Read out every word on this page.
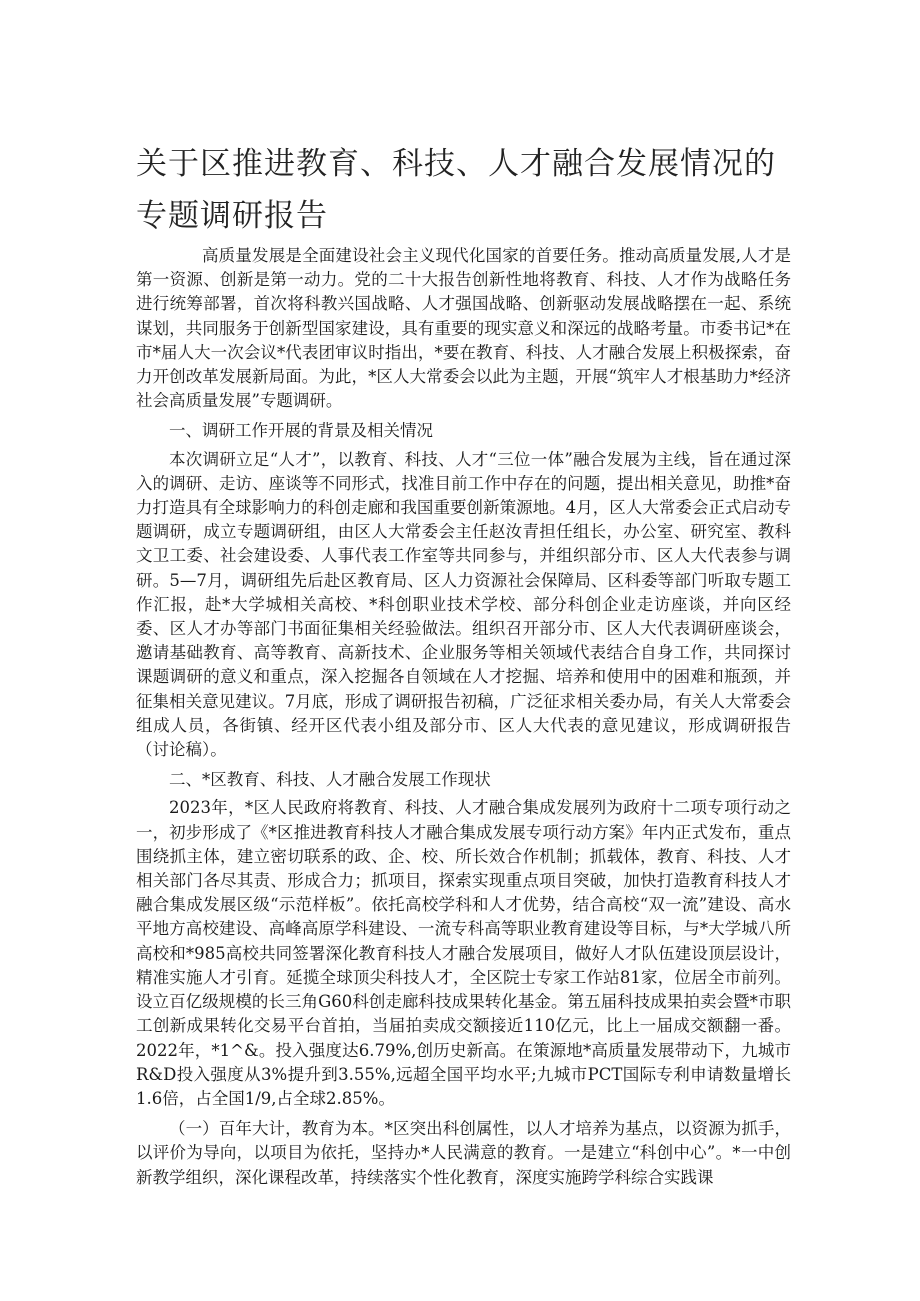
关于区推进教育、科技、人才融合发展情况的专题调研报告

高质量发展是全面建设社会主义现代化国家的首要任务。推动高质量发展,人才是第一资源、创新是第一动力。党的二十大报告创新性地将教育、科技、人才作为战略任务进行统筹部署，首次将科教兴国战略、人才强国战略、创新驱动发展战略摆在一起、系统谋划，共同服务于创新型国家建设，具有重要的现实意义和深远的战略考量。市委书记*在市*届人大一次会议*代表团审议时指出，*要在教育、科技、人才融合发展上积极探索，奋力开创改革发展新局面。为此，*区人大常委会以此为主题，开展“筑牢人才根基助力*经济社会高质量发展”专题调研。

一、调研工作开展的背景及相关情况

本次调研立足“人才”，以教育、科技、人才“三位一体”融合发展为主线，旨在通过深入的调研、走访、座谈等不同形式，找准目前工作中存在的问题，提出相关意见，助推*奋力打造具有全球影响力的科创走廊和我国重要创新策源地。4月，区人大常委会正式启动专题调研，成立专题调研组，由区人大常委会主任赵汝青担任组长，办公室、研究室、教科文卫工委、社会建设委、人事代表工作室等共同参与，并组织部分市、区人大代表参与调研。5—7月，调研组先后赴区教育局、区人力资源社会保障局、区科委等部门听取专题工作汇报，赴*大学城相关高校、*科创职业技术学校、部分科创企业走访座谈，并向区经委、区人才办等部门书面征集相关经验做法。组织召开部分市、区人大代表调研座谈会，邀请基础教育、高等教育、高新技术、企业服务等相关领域代表结合自身工作，共同探讨课题调研的意义和重点，深入挖掘各自领域在人才挖掘、培养和使用中的困难和瓶颈，并征集相关意见建议。7月底，形成了调研报告初稿，广泛征求相关委办局，有关人大常委会组成人员，各街镇、经开区代表小组及部分市、区人大代表的意见建议，形成调研报告（讨论稿）。

二、*区教育、科技、人才融合发展工作现状

2023年，*区人民政府将教育、科技、人才融合集成发展列为政府十二项专项行动之一，初步形成了《*区推进教育科技人才融合集成发展专项行动方案》年内正式发布，重点围绕抓主体，建立密切联系的政、企、校、所长效合作机制；抓载体，教育、科技、人才相关部门各尽其责、形成合力；抓项目，探索实现重点项目突破，加快打造教育科技人才融合集成发展区级“示范样板”。依托高校学科和人才优势，结合高校“双一流”建设、高水平地方高校建设、高峰高原学科建设、一流专科高等职业教育建设等目标，与*大学城八所高校和*985高校共同签署深化教育科技人才融合发展项目，做好人才队伍建设顶层设计，精准实施人才引育。延揽全球顶尖科技人才，全区院士专家工作站81家，位居全市前列。设立百亿级规模的长三角G60科创走廊科技成果转化基金。第五届科技成果拍卖会暨*市职工创新成果转化交易平台首拍，当届拍卖成交额接近110亿元，比上一届成交额翻一番。2022年，*1^&。投入强度达6.79%,创历史新高。在策源地*高质量发展带动下，九城市R&D投入强度从3%提升到3.55%,远超全国平均水平;九城市PCT国际专利申请数量增长1.6倍，占全国1/9,占全球2.85%。

（一）百年大计，教育为本。*区突出科创属性，以人才培养为基点，以资源为抓手，以评价为导向，以项目为依托，坚持办*人民满意的教育。一是建立“科创中心”。*一中创新教学组织，深化课程改革，持续落实个性化教育，深度实施跨学科综合实践课
